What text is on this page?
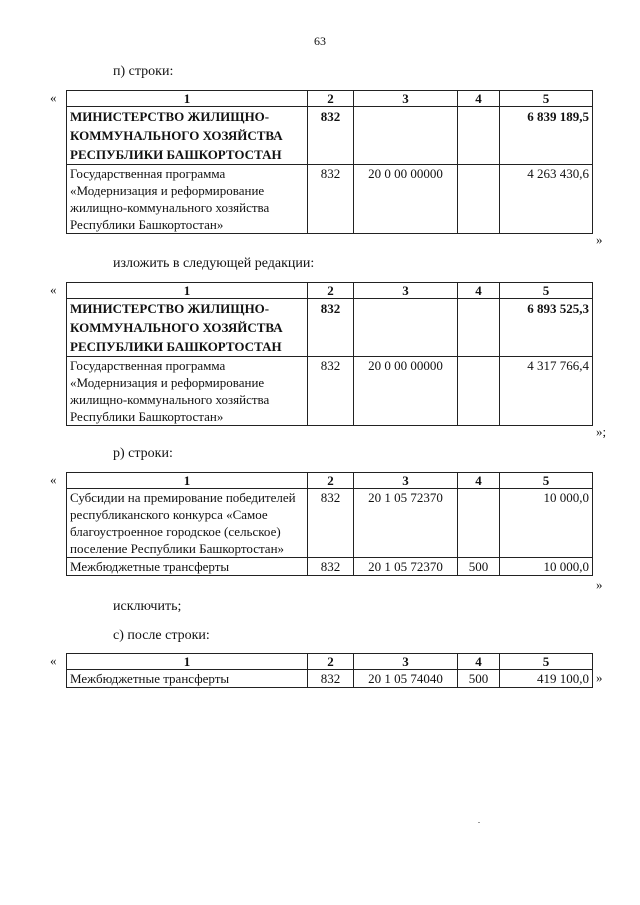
63
п) строки:
«	1	2	3	4	5
МИНИСТЕРСТВО ЖИЛИЩНО-КОММУНАЛЬНОГО ХОЗЯЙСТВА РЕСПУБЛИКИ БАШКОРТОСТАН	832			6 839 189,5
Государственная программа «Модернизация и реформирование жилищно-коммунального хозяйства Республики Башкортостан»	832	20 0 00 00000		4 263 430,6
»
изложить в следующей редакции:
«	1	2	3	4	5
МИНИСТЕРСТВО ЖИЛИЩНО-КОММУНАЛЬНОГО ХОЗЯЙСТВА РЕСПУБЛИКИ БАШКОРТОСТАН	832			6 893 525,3
Государственная программа «Модернизация и реформирование жилищно-коммунального хозяйства Республики Башкортостан»	832	20 0 00 00000		4 317 766,4
»;
р) строки:
«	1	2	3	4	5
Субсидии на премирование победителей республиканского конкурса «Самое благоустроенное городское (сельское) поселение Республики Башкортостан»	832	20 1 05 72370		10 000,0
Межбюджетные трансферты	832	20 1 05 72370	500	10 000,0
»
исключить;
с) после строки:
«	1	2	3	4	5
Межбюджетные трансферты	832	20 1 05 74040	500	419 100,0 »
